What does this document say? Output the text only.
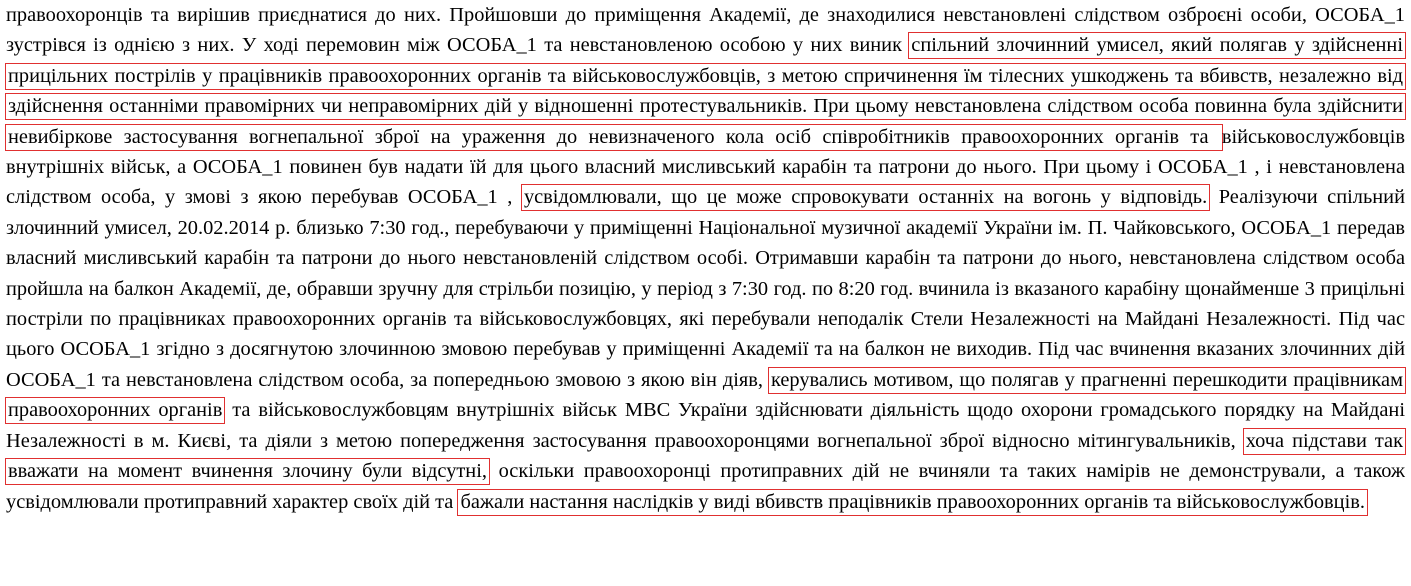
правоохоронців та вирішив приєднатися до них. Пройшовши до приміщення Академії, де знаходилися невстановлені слідством озброєні особи, ОСОБА_1 зустрівся із однією з них. У ході перемовин між ОСОБА_1 та невстановленою особою у них виник спільний злочинний умисел, який полягав у здійсненні прицільних пострілів у працівників правоохоронних органів та військовослужбовців, з метою спричинення їм тілесних ушкоджень та вбивств, незалежно від здійснення останніми правомірних чи неправомірних дій у відношенні протестувальників. При цьому невстановлена слідством особа повинна була здійснити невибіркове застосування вогнепальної зброї на ураження до невизначеного кола осіб співробітників правоохоронних органів та військовослужбовців внутрішніх військ, а ОСОБА_1 повинен був надати їй для цього власний мисливський карабін та патрони до нього. При цьому і ОСОБА_1 , і невстановлена слідством особа, у змові з якою перебував ОСОБА_1 , усвідомлювали, що це може спровокувати останніх на вогонь у відповідь. Реалізуючи спільний злочинний умисел, 20.02.2014 р. близько 7:30 год., перебуваючи у приміщенні Національної музичної академії України ім. П. Чайковського, ОСОБА_1 передав власний мисливський карабін та патрони до нього невстановленій слідством особі. Отримавши карабін та патрони до нього, невстановлена слідством особа пройшла на балкон Академії, де, обравши зручну для стрільби позицію, у період з 7:30 год. по 8:20 год. вчинила із вказаного карабіну щонайменше 3 прицільні постріли по працівниках правоохоронних органів та військовослужбовцях, які перебували неподалік Стели Незалежності на Майдані Незалежності. Під час цього ОСОБА_1 згідно з досягнутою злочинною змовою перебував у приміщенні Академії та на балкон не виходив. Під час вчинення вказаних злочинних дій ОСОБА_1 та невстановлена слідством особа, за попередньою змовою з якою він діяв, керувались мотивом, що полягав у прагненні перешкодити працівникам правоохоронних органів та військовослужбовцям внутрішніх військ МВС України здійснювати діяльність щодо охорони громадського порядку на Майдані Незалежності в м. Києві, та діяли з метою попередження застосування правоохоронцями вогнепальної зброї відносно мітингувальників, хоча підстави так вважати на момент вчинення злочину були відсутні, оскільки правоохоронці протиправних дій не вчиняли та таких намірів не демонстрували, а також усвідомлювали протиправний характер своїх дій та бажали настання наслідків у виді вбивств працівників правоохоронних органів та військовослужбовців.
